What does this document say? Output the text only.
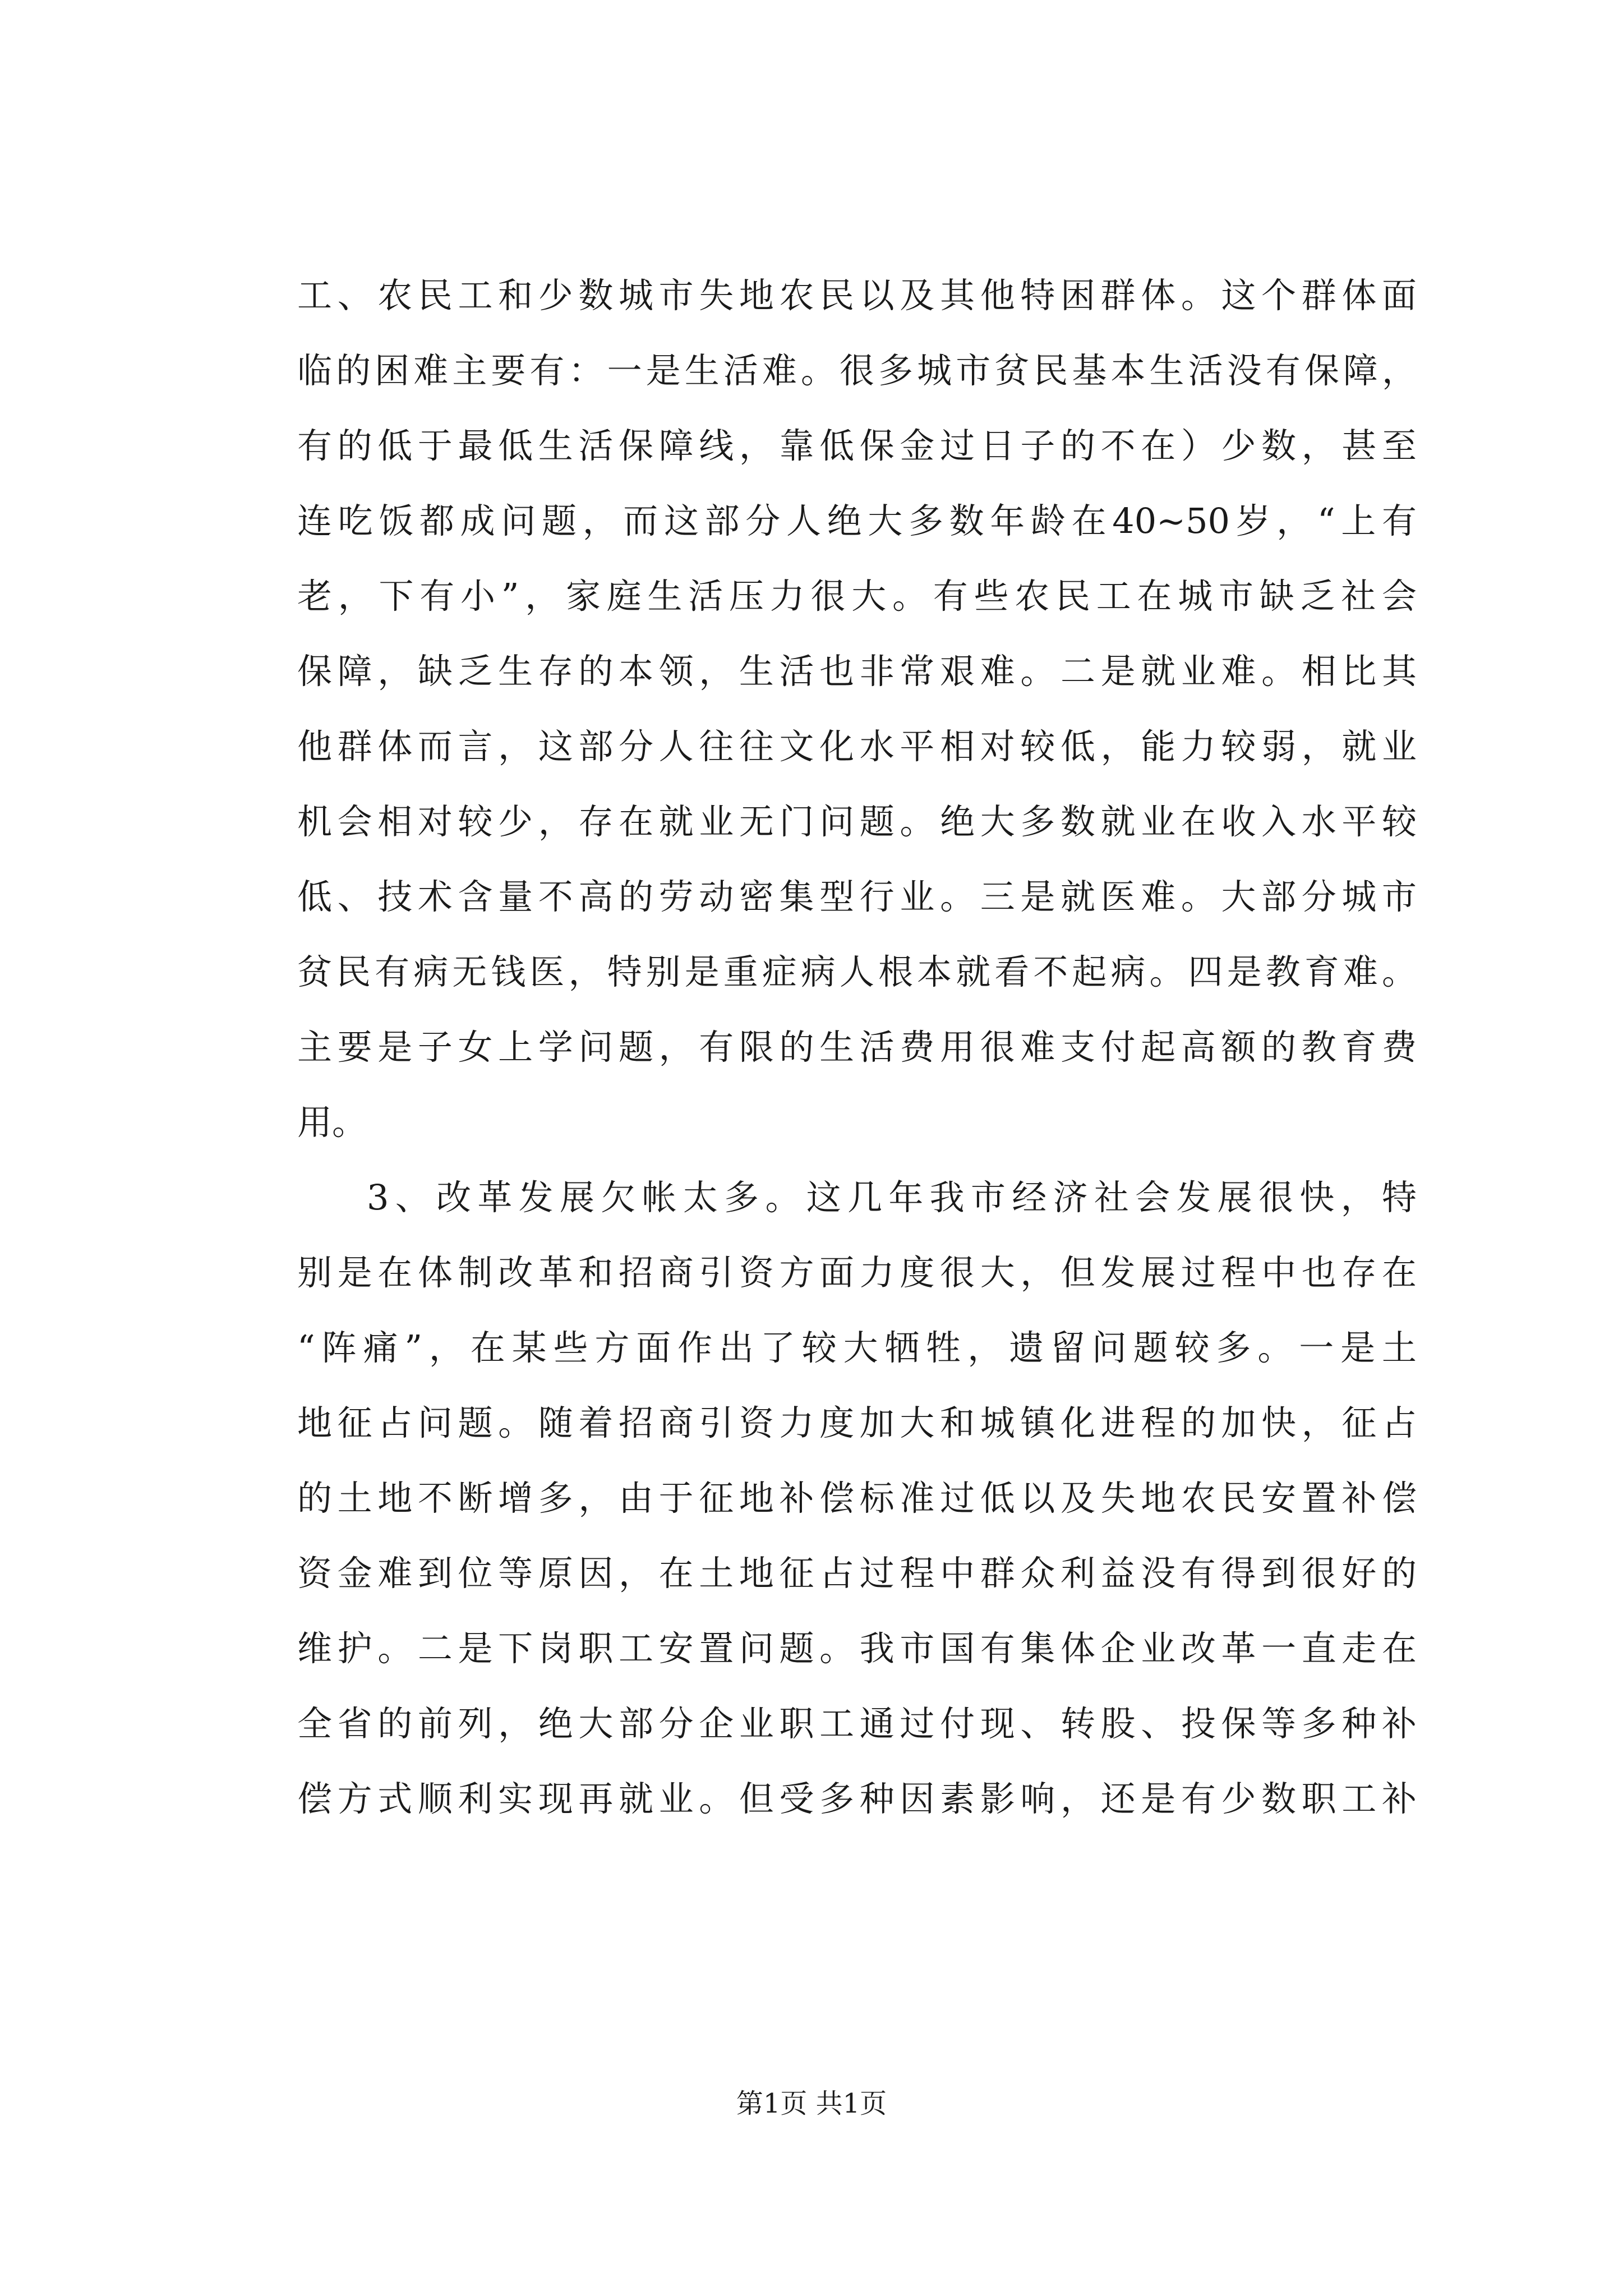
工、农民工和少数城市失地农民以及其他特困群体。这个群体面
临的困难主要有：一是生活难。很多城市贫民基本生活没有保障，
有的低于最低生活保障线，靠低保金过日子的不在）少数，甚至
连吃饭都成问题，而这部分人绝大多数年龄在40~50岁，“上有
老，下有小”，家庭生活压力很大。有些农民工在城市缺乏社会
保障，缺乏生存的本领，生活也非常艰难。二是就业难。相比其
他群体而言，这部分人往往文化水平相对较低，能力较弱，就业
机会相对较少，存在就业无门问题。绝大多数就业在收入水平较
低、技术含量不高的劳动密集型行业。三是就医难。大部分城市
贫民有病无钱医，特别是重症病人根本就看不起病。四是教育难。
主要是子女上学问题，有限的生活费用很难支付起高额的教育费
用。
3、改革发展欠帐太多。这几年我市经济社会发展很快，特
别是在体制改革和招商引资方面力度很大，但发展过程中也存在
“阵痛”，在某些方面作出了较大牺牲，遗留问题较多。一是土
地征占问题。随着招商引资力度加大和城镇化进程的加快，征占
的土地不断增多，由于征地补偿标准过低以及失地农民安置补偿
资金难到位等原因，在土地征占过程中群众利益没有得到很好的
维护。二是下岗职工安置问题。我市国有集体企业改革一直走在
全省的前列，绝大部分企业职工通过付现、转股、投保等多种补
偿方式顺利实现再就业。但受多种因素影响，还是有少数职工补
第1页 共1页
